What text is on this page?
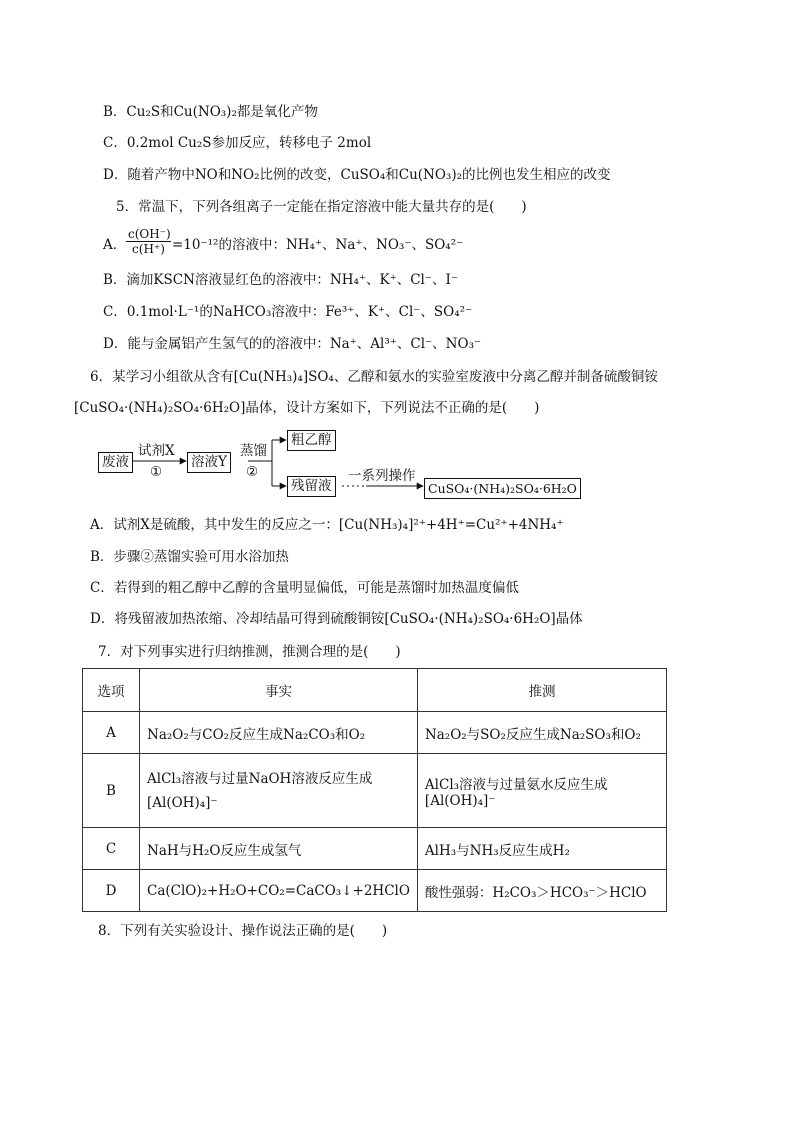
B．Cu₂S和Cu(NO₃)₂都是氧化产物
C．0.2mol Cu₂S参加反应，转移电子 2mol
D．随着产物中NO和NO₂比例的改变，CuSO₄和Cu(NO₃)₂的比例也发生相应的改变
5．常温下，下列各组离子一定能在指定溶液中能大量共存的是(　　)
A． $\frac{c(OH^-)}{c(H^+)} =10^{-12}$的溶液中：NH₄⁺、Na⁺、NO₃⁻、SO₄²⁻
B．滴加KSCN溶液显红色的溶液中：NH₄⁺、K⁺、Cl⁻、I⁻
C．0.1mol·L⁻¹的NaHCO₃溶液中：Fe³⁺、K⁺、Cl⁻、SO₄²⁻
D．能与金属铝产生氢气的的溶液中：Na⁺、Al³⁺、Cl⁻、NO₃⁻
6．某学习小组欲从含有[Cu(NH₃)₄]SO₄、乙醇和氨水的实验室废液中分离乙醇并制备硫酸铜铵
[CuSO₄·(NH₄)₂SO₄·6H₂O]晶体，设计方案如下，下列说法不正确的是(　　)
废液
试剂X
①
溶液Y
蒸馏
②
粗乙醇
残留液
一系列操作
CuSO₄·(NH₄)₂SO₄·6H₂O
A．试剂X是硫酸，其中发生的反应之一：[Cu(NH₃)₄]²⁺+4H⁺=Cu²⁺+4NH₄⁺
B．步骤②蒸馏实验可用水浴加热
C．若得到的粗乙醇中乙醇的含量明显偏低，可能是蒸馏时加热温度偏低
D．将残留液加热浓缩、冷却结晶可得到硫酸铜铵[CuSO₄·(NH₄)₂SO₄·6H₂O]晶体
7．对下列事实进行归纳推测，推测合理的是(　　)
选项	事实	推测
A	Na₂O₂与CO₂反应生成Na₂CO₃和O₂	Na₂O₂与SO₂反应生成Na₂SO₃和O₂
B	AlCl₃溶液与过量NaOH溶液反应生成[Al(OH)₄]⁻	AlCl₃溶液与过量氨水反应生成[Al(OH)₄]⁻
C	NaH与H₂O反应生成氢气	AlH₃与NH₃反应生成H₂
D	Ca(ClO)₂+H₂O+CO₂=CaCO₃↓+2HClO	酸性强弱：H₂CO₃＞HCO₃⁻＞HClO
8．下列有关实验设计、操作说法正确的是(　　)
